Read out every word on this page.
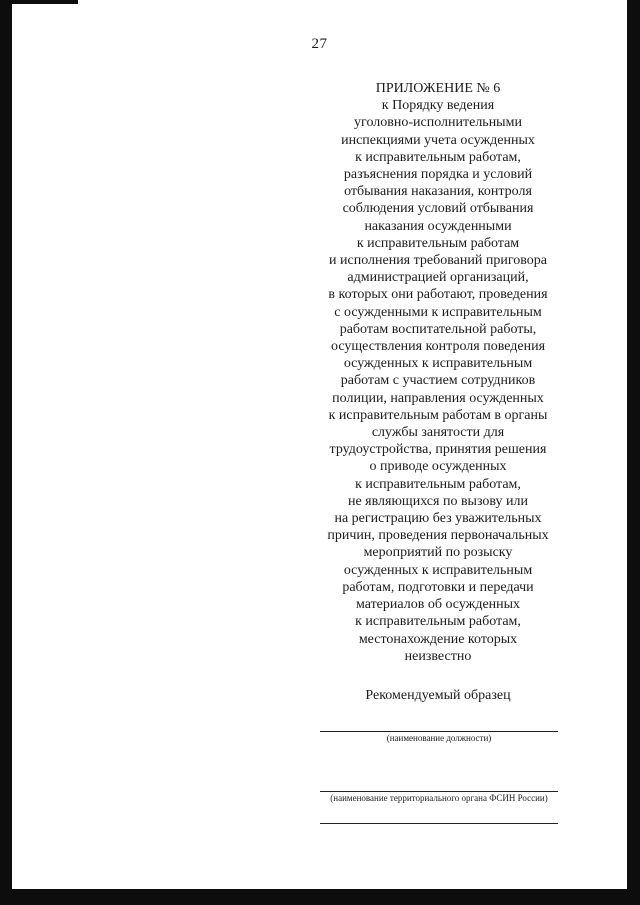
27
ПРИЛОЖЕНИЕ № 6
к Порядку ведения
уголовно-исполнительными
инспекциями учета осужденных
к исправительным работам,
разъяснения порядка и условий
отбывания наказания, контроля
соблюдения условий отбывания
наказания осужденными
к исправительным работам
и исполнения требований приговора
администрацией организаций,
в которых они работают, проведения
с осужденными к исправительным
работам воспитательной работы,
осуществления контроля поведения
осужденных к исправительным
работам с участием сотрудников
полиции, направления осужденных
к исправительным работам в органы
службы занятости для
трудоустройства, принятия решения
о приводе осужденных
к исправительным работам,
не являющихся по вызову или
на регистрацию без уважительных
причин, проведения первоначальных
мероприятий по розыску
осужденных к исправительным
работам, подготовки и передачи
материалов об осужденных
к исправительным работам,
местонахождение которых
неизвестно
Рекомендуемый образец
(наименование должности)
(наименование территориального органа ФСИН России)
